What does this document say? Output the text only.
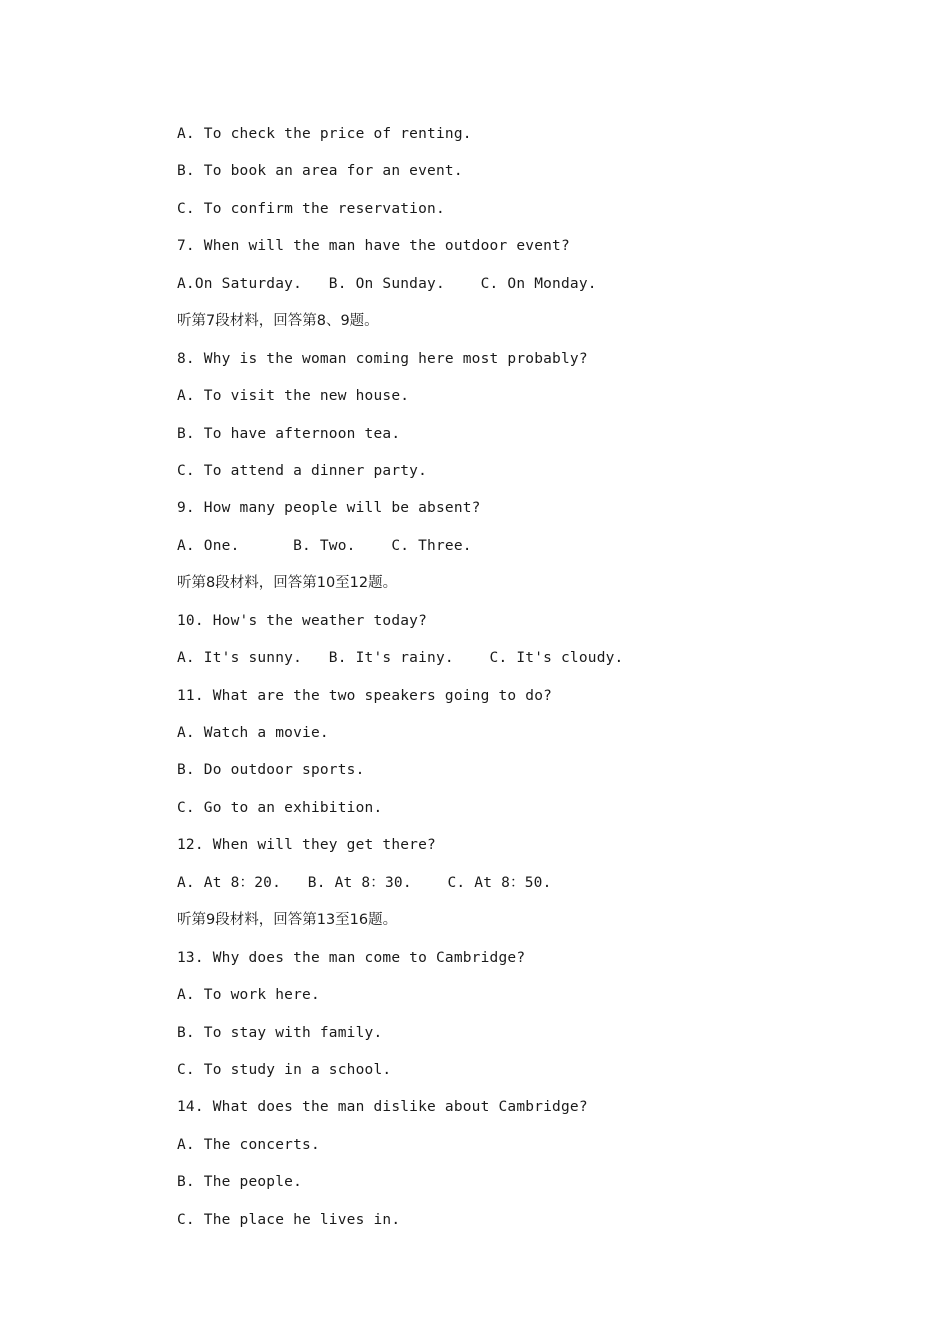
A. To check the price of renting.
B. To book an area for an event.
C. To confirm the reservation.
7. When will the man have the outdoor event?
A.On Saturday.   B. On Sunday.    C. On Monday.
听第7段材料，回答第8、9题。
8. Why is the woman coming here most probably?
A. To visit the new house.
B. To have afternoon tea.
C. To attend a dinner party.
9. How many people will be absent?
A. One.      B. Two.    C. Three.
听第8段材料，回答第10至12题。
10. How's the weather today?
A. It's sunny.   B. It's rainy.    C. It's cloudy.
11. What are the two speakers going to do?
A. Watch a movie.
B. Do outdoor sports.
C. Go to an exhibition.
12. When will they get there?
A. At 8：20.   B. At 8：30.    C. At 8：50.
听第9段材料，回答第13至16题。
13. Why does the man come to Cambridge?
A. To work here.
B. To stay with family.
C. To study in a school.
14. What does the man dislike about Cambridge?
A. The concerts.
B. The people.
C. The place he lives in.
